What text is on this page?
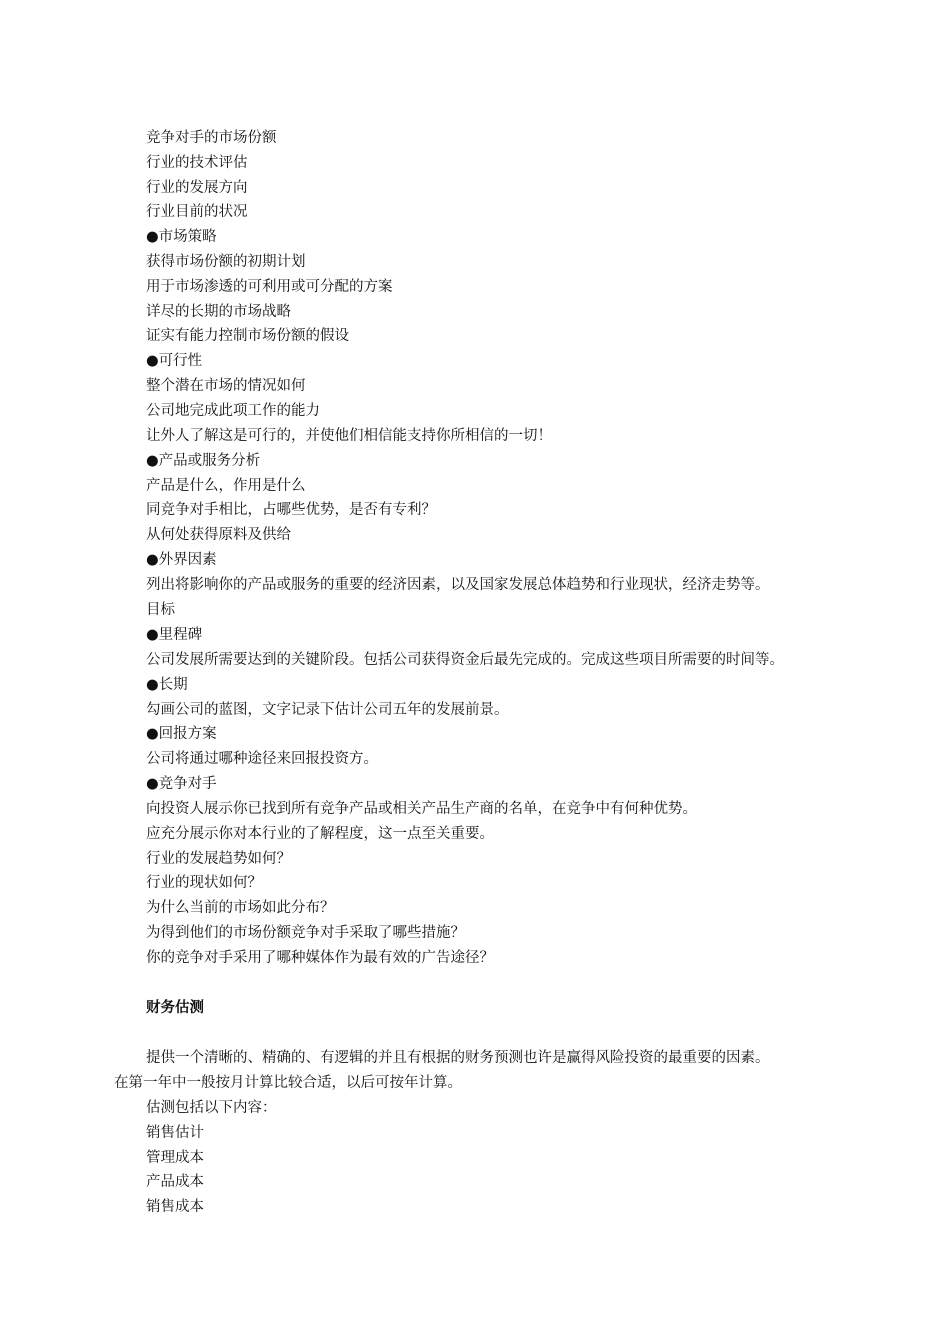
竞争对手的市场份额
行业的技术评估
行业的发展方向
行业目前的状况
●市场策略
获得市场份额的初期计划
用于市场渗透的可利用或可分配的方案
详尽的长期的市场战略
证实有能力控制市场份额的假设
●可行性
整个潜在市场的情况如何
公司地完成此项工作的能力
让外人了解这是可行的，并使他们相信能支持你所相信的一切！
●产品或服务分析
产品是什么，作用是什么
同竞争对手相比，占哪些优势，是否有专利？
从何处获得原料及供给
●外界因素
列出将影响你的产品或服务的重要的经济因素，以及国家发展总体趋势和行业现状，经济走势等。
目标
●里程碑
公司发展所需要达到的关键阶段。包括公司获得资金后最先完成的。完成这些项目所需要的时间等。
●长期
勾画公司的蓝图，文字记录下估计公司五年的发展前景。
●回报方案
公司将通过哪种途径来回报投资方。
●竞争对手
向投资人展示你已找到所有竞争产品或相关产品生产商的名单，在竞争中有何种优势。
应充分展示你对本行业的了解程度，这一点至关重要。
行业的发展趋势如何？
行业的现状如何？
为什么当前的市场如此分布？
为得到他们的市场份额竞争对手采取了哪些措施？
你的竞争对手采用了哪种媒体作为最有效的广告途径？
财务估测
提供一个清晰的、精确的、有逻辑的并且有根据的财务预测也许是赢得风险投资的最重要的因素。
在第一年中一般按月计算比较合适，以后可按年计算。
估测包括以下内容：
销售估计
管理成本
产品成本
销售成本
